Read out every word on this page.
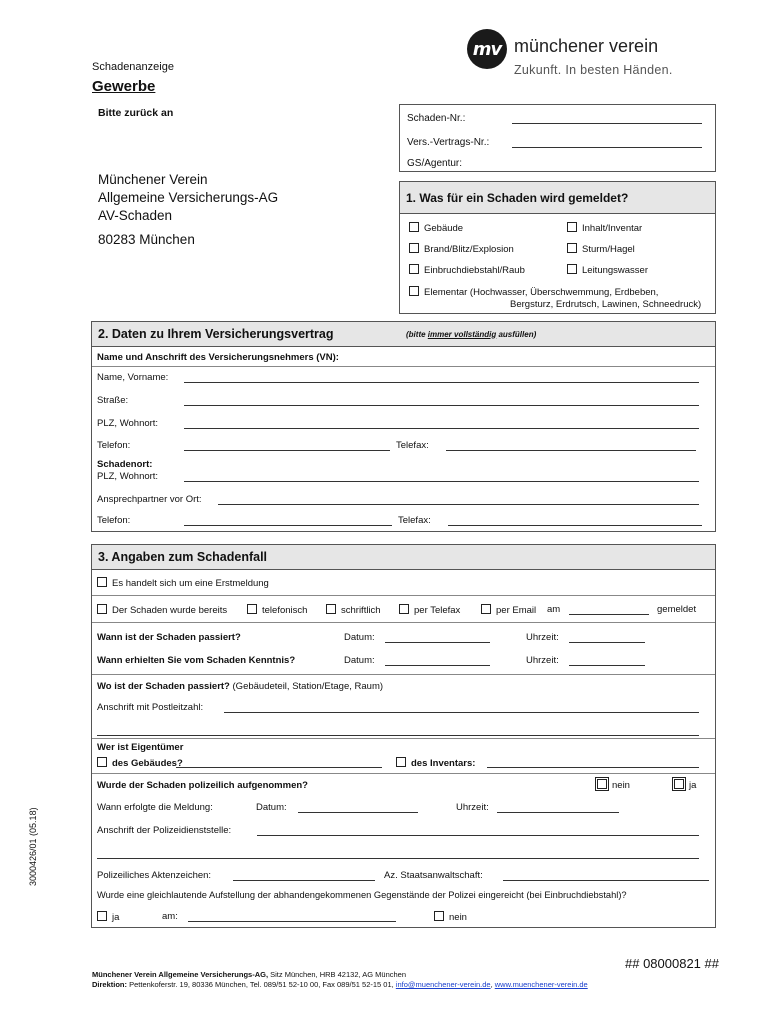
Schadenanzeige
Gewerbe
Bitte zurück an
mv münchener verein
Zukunft. In besten Händen.
Münchener Verein
Allgemeine Versicherungs-AG
AV-Schaden
80283 München
Schaden-Nr.:
Vers.-Vertrags-Nr.:
GS/Agentur:
1. Was für ein Schaden wird gemeldet?
Gebäude	Inhalt/Inventar
Brand/Blitz/Explosion	Sturm/Hagel
Einbruchdiebstahl/Raub	Leitungswasser
Elementar (Hochwasser, Überschwemmung, Erdbeben,
Bergsturz, Erdrutsch, Lawinen, Schneedruck)
2. Daten zu Ihrem Versicherungsvertrag	(bitte immer vollständig ausfüllen)
Name und Anschrift des Versicherungsnehmers (VN):
Name, Vorname:
Straße:
PLZ, Wohnort:
Telefon:	Telefax:
Schadenort:
PLZ, Wohnort:
Ansprechpartner vor Ort:
Telefon:	Telefax:
3. Angaben zum Schadenfall
Es handelt sich um eine Erstmeldung
Der Schaden wurde bereits	telefonisch	schriftlich	per Telefax	per Email am	gemeldet
Wann ist der Schaden passiert?	Datum:	Uhrzeit:
Wann erhielten Sie vom Schaden Kenntnis?	Datum:	Uhrzeit:
Wo ist der Schaden passiert? (Gebäudeteil, Station/Etage, Raum)
Anschrift mit Postleitzahl:
Wer ist Eigentümer
des Gebäudes?	des Inventars:
Wurde der Schaden polizeilich aufgenommen?	nein	ja
Wann erfolgte die Meldung:	Datum:	Uhrzeit:
Anschrift der Polizeidienststelle:
Polizeiliches Aktenzeichen:	Az. Staatsanwaltschaft:
Wurde eine gleichlautende Aufstellung der abhandengekommenen Gegenstände der Polizei eingereicht (bei Einbruchdiebstahl)?
ja	am:	nein
3000426/01 (05.18)
## 08000821 ##
Münchener Verein Allgemeine Versicherungs-AG, Sitz München, HRB 42132, AG München
Direktion: Pettenkoferstr. 19, 80336 München, Tel. 089/51 52-10 00, Fax 089/51 52-15 01, info@muenchener-verein.de, www.muenchener-verein.de
